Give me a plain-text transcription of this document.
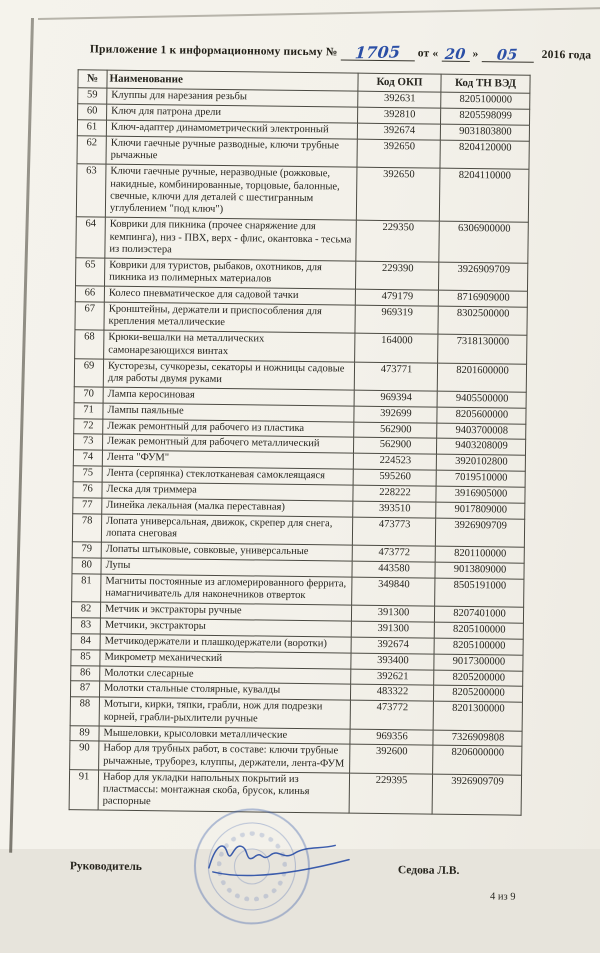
Приложение 1 к информационному письму № 1705 от « 20 » 05 2016 года
№	Наименование	Код ОКП	Код ТН ВЭД
59	Клуппы для нарезания резьбы	392631	8205100000
60	Ключ для патрона дрели	392810	8205598099
61	Ключ-адаптер динамометрический электронный	392674	9031803800
62	Ключи гаечные ручные разводные, ключи трубные рычажные	392650	8204120000
63	Ключи гаечные ручные, неразводные (рожковые, накидные, комбинированные, торцовые, балонные, свечные, ключи для деталей с шестигранным углублением "под ключ")	392650	8204110000
64	Коврики для пикника (прочее снаряжение для кемпинга), низ - ПВХ, верх - флис, окантовка - тесьма из полиэстера	229350	6306900000
65	Коврики для туристов, рыбаков, охотников, для пикника из полимерных материалов	229390	3926909709
66	Колесо пневматическое для садовой тачки	479179	8716909000
67	Кронштейны, держатели и приспособления для крепления металлические	969319	8302500000
68	Крюки-вешалки на металлических самонарезающихся винтах	164000	7318130000
69	Кусторезы, сучкорезы, секаторы и ножницы садовые для работы двумя руками	473771	8201600000
70	Лампа керосиновая	969394	9405500000
71	Лампы паяльные	392699	8205600000
72	Лежак ремонтный для рабочего из пластика	562900	9403700008
73	Лежак ремонтный для рабочего металлический	562900	9403208009
74	Лента "ФУМ"	224523	3920102800
75	Лента (серпянка) стеклотканевая самоклеящаяся	595260	7019510000
76	Леска для триммера	228222	3916905000
77	Линейка лекальная (малка переставная)	393510	9017809000
78	Лопата универсальная, движок, скрепер для снега, лопата снеговая	473773	3926909709
79	Лопаты штыковые, совковые, универсальные	473772	8201100000
80	Лупы	443580	9013809000
81	Магниты постоянные из агломерированного феррита, намагничиватель для наконечников отверток	349840	8505191000
82	Метчик и экстракторы ручные	391300	8207401000
83	Метчики, экстракторы	391300	8205100000
84	Метчикодержатели и плашкодержатели (воротки)	392674	8205100000
85	Микрометр механический	393400	9017300000
86	Молотки слесарные	392621	8205200000
87	Молотки стальные столярные, кувалды	483322	8205200000
88	Мотыги, кирки, тяпки, грабли, нож для подрезки корней, грабли-рыхлители ручные	473772	8201300000
89	Мышеловки, крысоловки металлические	969356	7326909808
90	Набор для трубных работ, в составе: ключи трубные рычажные, труборез, клуппы, держатели, лента-ФУМ	392600	8206000000
91	Набор для укладки напольных покрытий из пластмассы: монтажная скоба, брусок, клинья распорные	229395	3926909709
Руководитель	Седова Л.В.
4 из 9
